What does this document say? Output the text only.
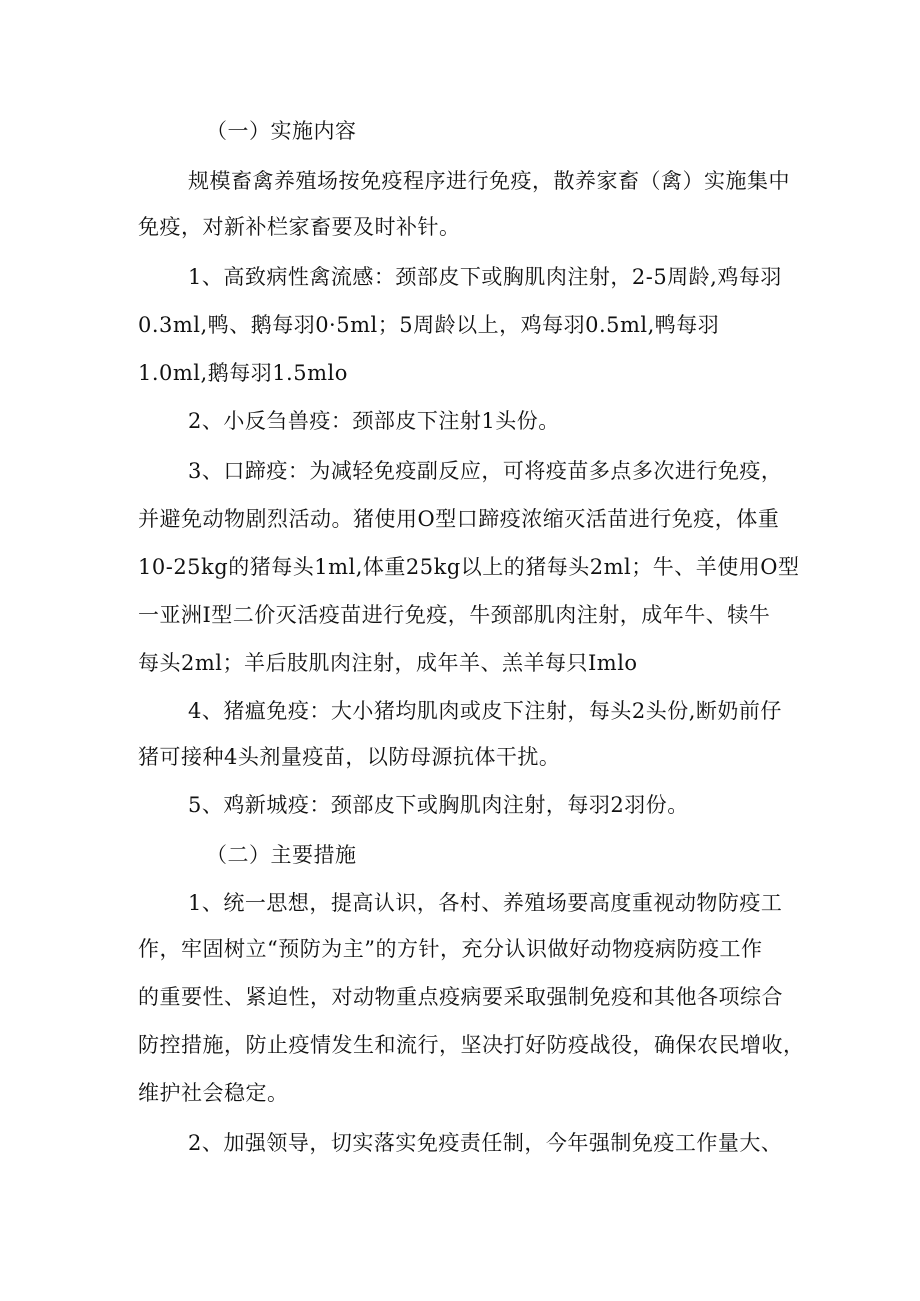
（一）实施内容
规模畜禽养殖场按免疫程序进行免疫，散养家畜（禽）实施集中
免疫，对新补栏家畜要及时补针。
1、高致病性禽流感：颈部皮下或胸肌肉注射，2-5周龄,鸡每羽
0.3ml,鸭、鹅每羽0·5ml；5周龄以上，鸡每羽0.5ml,鸭每羽
1.0ml,鹅每羽1.5mlo
2、小反刍兽疫：颈部皮下注射1头份。
3、口蹄疫：为减轻免疫副反应，可将疫苗多点多次进行免疫，
并避免动物剧烈活动。猪使用O型口蹄疫浓缩灭活苗进行免疫，体重
10-25kg的猪每头1ml,体重25kg以上的猪每头2ml；牛、羊使用O型
一亚洲I型二价灭活疫苗进行免疫，牛颈部肌肉注射，成年牛、犊牛
每头2ml；羊后肢肌肉注射，成年羊、羔羊每只Imlo
4、猪瘟免疫：大小猪均肌肉或皮下注射，每头2头份,断奶前仔
猪可接种4头剂量疫苗，以防母源抗体干扰。
5、鸡新城疫：颈部皮下或胸肌肉注射，每羽2羽份。
（二）主要措施
1、统一思想，提高认识，各村、养殖场要高度重视动物防疫工
作，牢固树立“预防为主”的方针，充分认识做好动物疫病防疫工作
的重要性、紧迫性，对动物重点疫病要采取强制免疫和其他各项综合
防控措施，防止疫情发生和流行，坚决打好防疫战役，确保农民增收，
维护社会稳定。
2、加强领导，切实落实免疫责任制，今年强制免疫工作量大、
